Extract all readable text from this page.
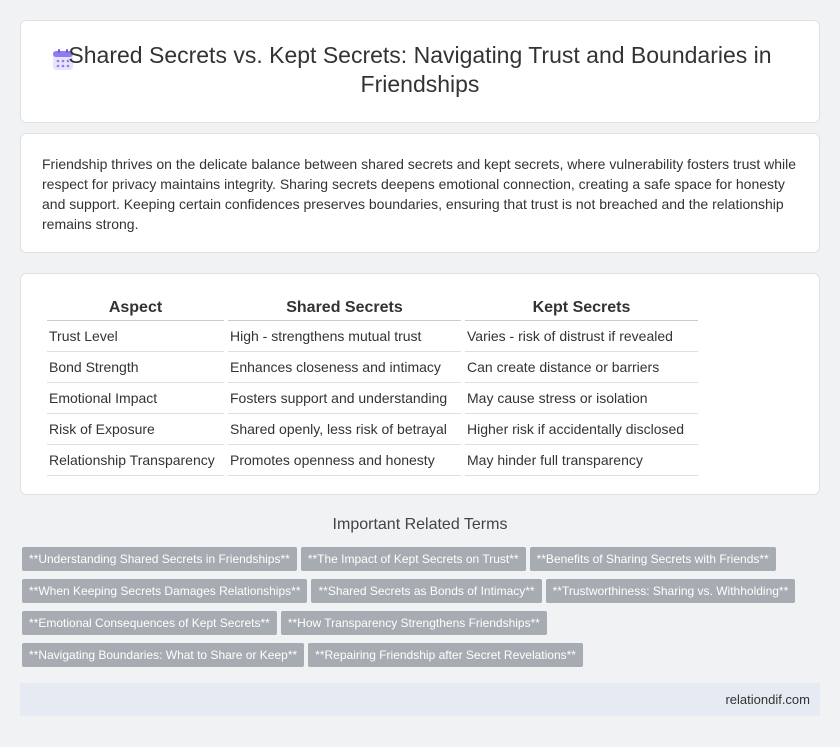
Shared Secrets vs. Kept Secrets: Navigating Trust and Boundaries in Friendships

Friendship thrives on the delicate balance between shared secrets and kept secrets, where vulnerability fosters trust while respect for privacy maintains integrity. Sharing secrets deepens emotional connection, creating a safe space for honesty and support. Keeping certain confidences preserves boundaries, ensuring that trust is not breached and the relationship remains strong.

Aspect	Shared Secrets	Kept Secrets
Trust Level	High - strengthens mutual trust	Varies - risk of distrust if revealed
Bond Strength	Enhances closeness and intimacy	Can create distance or barriers
Emotional Impact	Fosters support and understanding	May cause stress or isolation
Risk of Exposure	Shared openly, less risk of betrayal	Higher risk if accidentally disclosed
Relationship Transparency	Promotes openness and honesty	May hinder full transparency
Important Related Terms
**Understanding Shared Secrets in Friendships** **The Impact of Kept Secrets on Trust** **Benefits of Sharing Secrets with Friends**
**When Keeping Secrets Damages Relationships** **Shared Secrets as Bonds of Intimacy** **Trustworthiness: Sharing vs. Withholding**
**Emotional Consequences of Kept Secrets** **How Transparency Strengthens Friendships**
**Navigating Boundaries: What to Share or Keep** **Repairing Friendship after Secret Revelations**
relationdif.com
